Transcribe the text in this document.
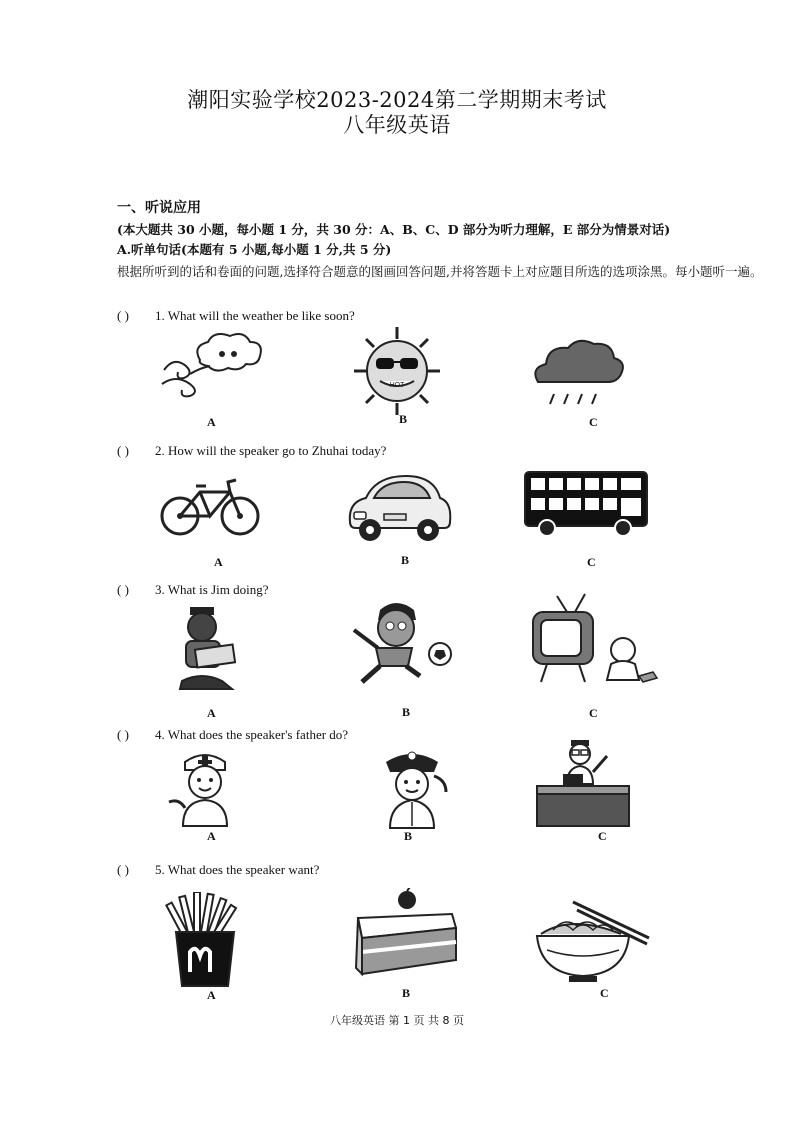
潮阳实验学校2023-2024第二学期期末考试
八年级英语
一、听说应用
(本大题共 30 小题，每小题 1 分，共 30 分：A、B、C、D 部分为听力理解，E 部分为情景对话)
A.听单句话(本题有 5 小题,每小题 1 分,共 5 分)
根据所听到的话和卷面的问题,选择符合题意的图画回答问题,并将答题卡上对应题目所选的选项涂黑。每小题听一遍。
( ) 1. What will the weather be like soon?
HOT
A	B	C
( ) 2. How will the speaker go to Zhuhai today?
A	B	C
( ) 3. What is Jim doing?
A	B	C
( ) 4. What does the speaker's father do?
A	B	C
( ) 5. What does the speaker want?
A	B	C
八年级英语 第 1 页 共 8 页
